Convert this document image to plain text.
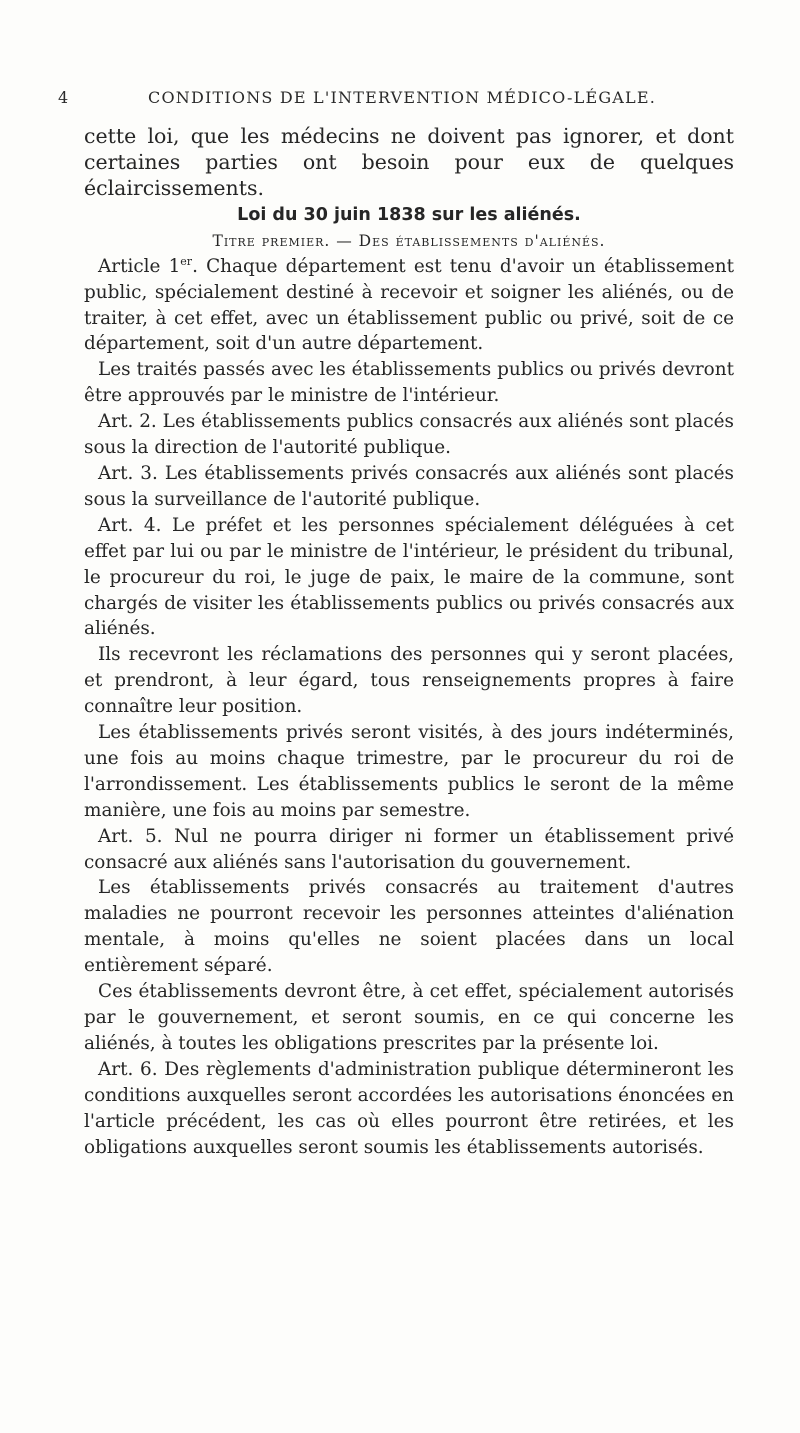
4	CONDITIONS DE L'INTERVENTION MÉDICO-LÉGALE.

cette loi, que les médecins ne doivent pas ignorer, et dont certaines parties ont besoin pour eux de quelques éclaircissements.

Loi du 30 juin 1838 sur les aliénés.

Titre premier. — Des établissements d'aliénés.

Article 1er. Chaque département est tenu d'avoir un établissement public, spécialement destiné à recevoir et soigner les aliénés, ou de traiter, à cet effet, avec un établissement public ou privé, soit de ce département, soit d'un autre département.

Les traités passés avec les établissements publics ou privés devront être approuvés par le ministre de l'intérieur.

Art. 2. Les établissements publics consacrés aux aliénés sont placés sous la direction de l'autorité publique.

Art. 3. Les établissements privés consacrés aux aliénés sont placés sous la surveillance de l'autorité publique.

Art. 4. Le préfet et les personnes spécialement déléguées à cet effet par lui ou par le ministre de l'intérieur, le président du tribunal, le procureur du roi, le juge de paix, le maire de la commune, sont chargés de visiter les établissements publics ou privés consacrés aux aliénés.

Ils recevront les réclamations des personnes qui y seront placées, et prendront, à leur égard, tous renseignements propres à faire connaître leur position.

Les établissements privés seront visités, à des jours indéterminés, une fois au moins chaque trimestre, par le procureur du roi de l'arrondissement. Les établissements publics le seront de la même manière, une fois au moins par semestre.

Art. 5. Nul ne pourra diriger ni former un établissement privé consacré aux aliénés sans l'autorisation du gouvernement.

Les établissements privés consacrés au traitement d'autres maladies ne pourront recevoir les personnes atteintes d'aliénation mentale, à moins qu'elles ne soient placées dans un local entièrement séparé.

Ces établissements devront être, à cet effet, spécialement autorisés par le gouvernement, et seront soumis, en ce qui concerne les aliénés, à toutes les obligations prescrites par la présente loi.

Art. 6. Des règlements d'administration publique détermineront les conditions auxquelles seront accordées les autorisations énoncées en l'article précédent, les cas où elles pourront être retirées, et les obligations auxquelles seront soumis les établissements autorisés.
